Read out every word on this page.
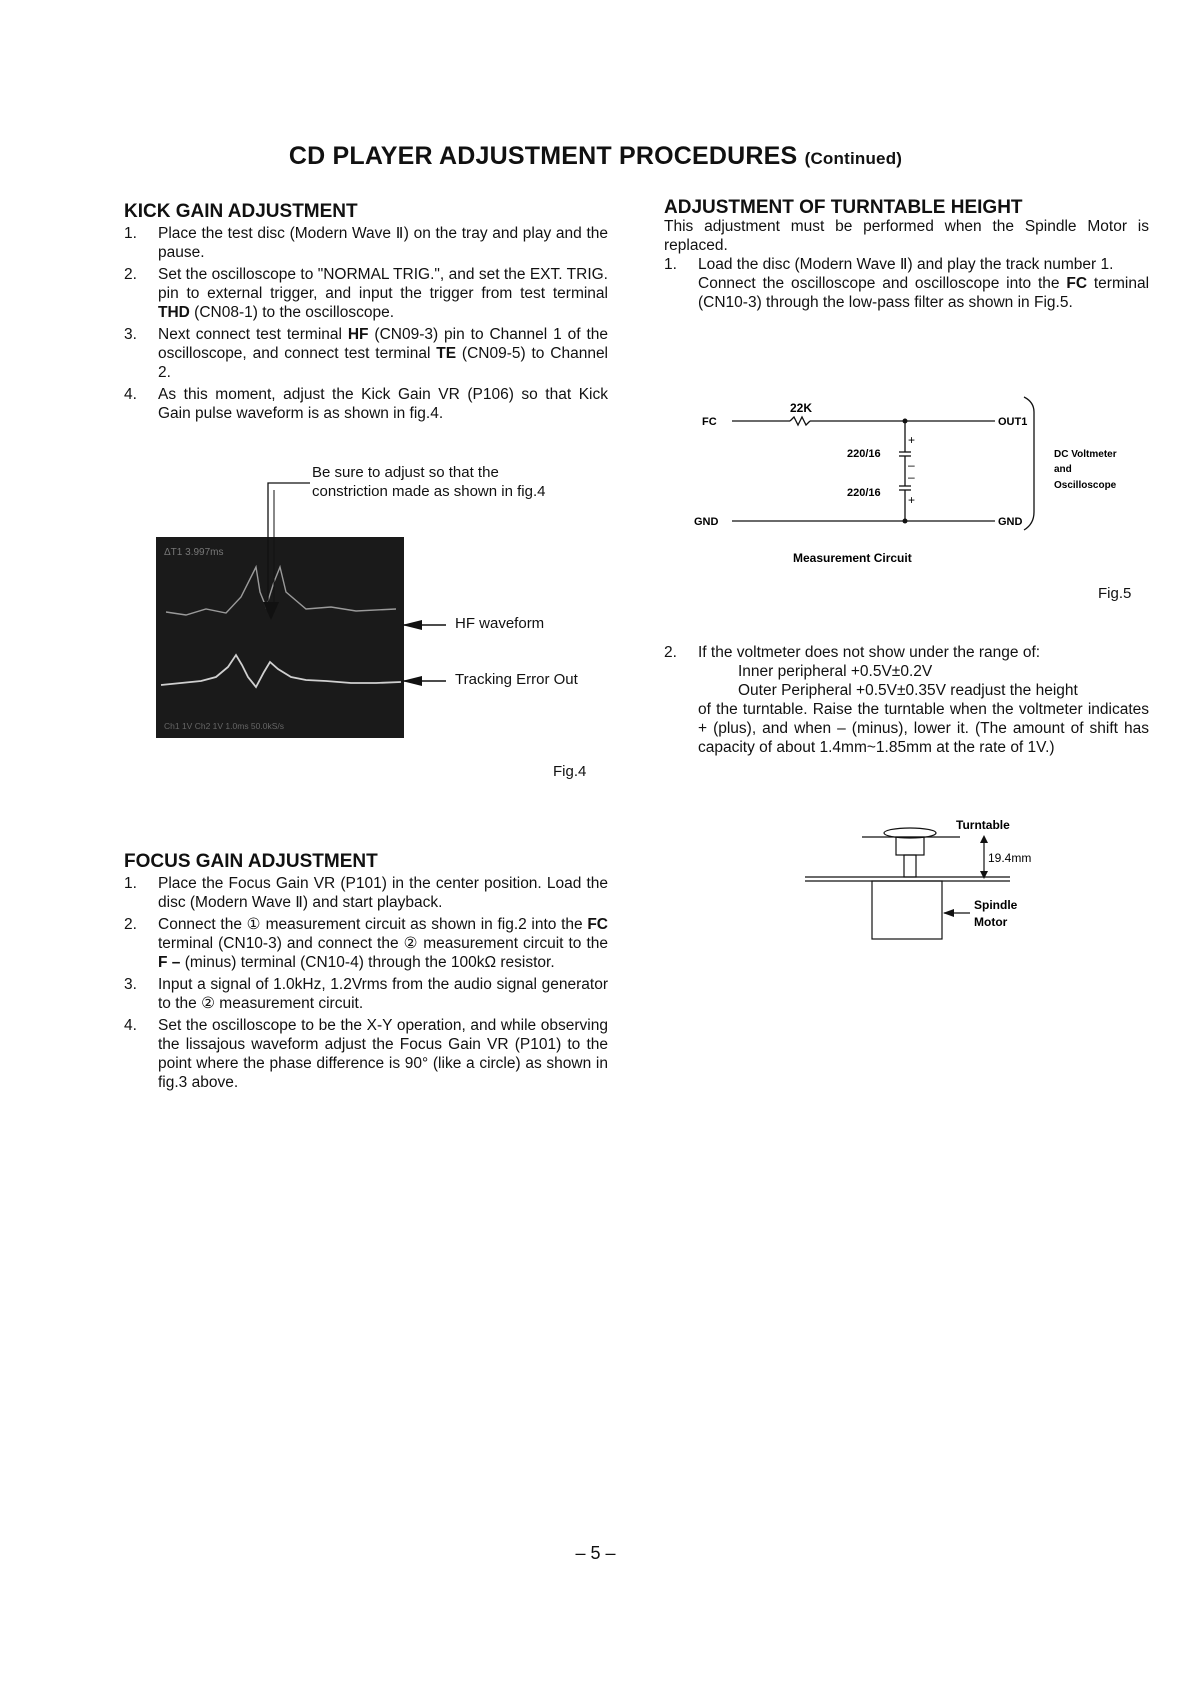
CD PLAYER ADJUSTMENT PROCEDURES (Continued)
KICK GAIN ADJUSTMENT
1. Place the test disc (Modern Wave Ⅱ) on the tray and play and the pause.
2. Set the oscilloscope to "NORMAL TRIG.", and set the EXT. TRIG. pin to external trigger, and input the trigger from test terminal THD (CN08-1) to the oscilloscope.
3. Next connect test terminal HF (CN09-3) pin to Channel 1 of the oscilloscope, and connect test terminal TE (CN09-5) to Channel 2.
4. As this moment, adjust the Kick Gain VR (P106) so that Kick Gain pulse waveform is as shown in fig.4.
Be sure to adjust so that the
constriction made as shown in fig.4
ΔT1 3.997ms
Ch1 1V Ch2 1V 1.0ms 50.0kS/s
HF waveform
Tracking Error Out
Fig.4
FOCUS GAIN ADJUSTMENT
1. Place the Focus Gain VR (P101) in the center position. Load the disc (Modern Wave Ⅱ) and start playback.
2. Connect the ① measurement circuit as shown in fig.2 into the FC terminal (CN10-3) and connect the ② measurement circuit to the F – (minus) terminal (CN10-4) through the 100kΩ resistor.
3. Input a signal of 1.0kHz, 1.2Vrms from the audio signal generator to the ② measurement circuit.
4. Set the oscilloscope to be the X-Y operation, and while observing the lissajous waveform adjust the Focus Gain VR (P101) to the point where the phase difference is 90° (like a circle) as shown in fig.3 above.
ADJUSTMENT OF TURNTABLE HEIGHT

This adjustment must be performed when the Spindle Motor is replaced.

1. Load the disc (Modern Wave Ⅱ) and play the track number 1.
Connect the oscilloscope and oscilloscope into the FC terminal (CN10-3) through the low-pass filter as shown in Fig.5.
FC
GND
22K
220/16
220/16
+
–
–
+
OUT1
GND
DC Voltmeter
and
Oscilloscope
Measurement Circuit
Fig.5
2. If the voltmeter does not show under the range of:
Inner peripheral +0.5V±0.2V
Outer Peripheral +0.5V±0.35V readjust the height
of the turntable. Raise the turntable when the voltmeter indicates + (plus), and when – (minus), lower it. (The amount of shift has capacity of about 1.4mm~1.85mm at the rate of 1V.)
Turntable
19.4mm
Spindle
Motor
– 5 –
